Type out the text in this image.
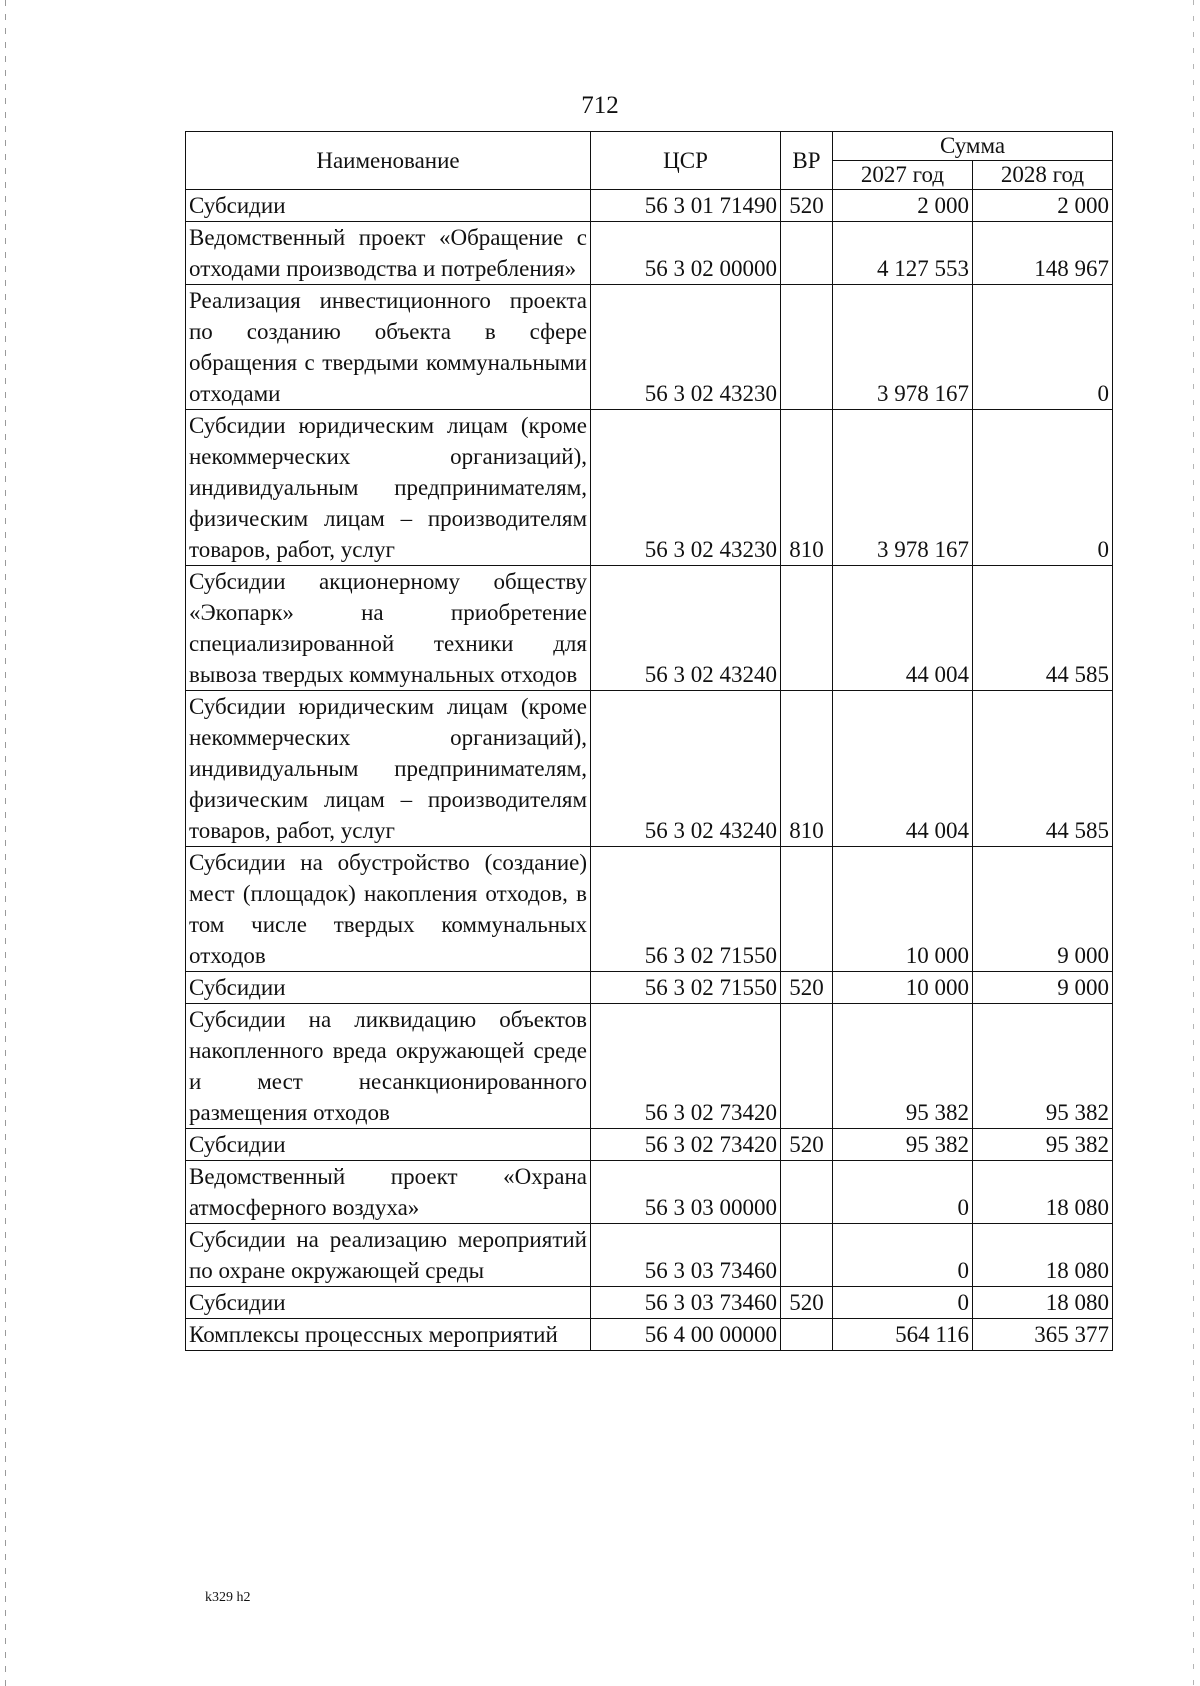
712
Наименование	ЦСР	ВР	Сумма	
			2027 год	2028 год
Субсидии	56 3 01 71490	520	2 000	2 000
Ведомственный проект «Обращение с отходами производства и потребления»	56 3 02 00000		4 127 553	148 967
Реализация инвестиционного проекта по созданию объекта в сфере обращения с твердыми коммунальными отходами	56 3 02 43230		3 978 167	0
Субсидии юридическим лицам (кроме некоммерческих организаций), индивидуальным предпринимателям, физическим лицам – производителям товаров, работ, услуг	56 3 02 43230	810	3 978 167	0
Субсидии акционерному обществу «Экопарк» на приобретение специализированной техники для вывоза твердых коммунальных отходов	56 3 02 43240		44 004	44 585
Субсидии юридическим лицам (кроме некоммерческих организаций), индивидуальным предпринимателям, физическим лицам – производителям товаров, работ, услуг	56 3 02 43240	810	44 004	44 585
Субсидии на обустройство (создание) мест (площадок) накопления отходов, в том числе твердых коммунальных отходов	56 3 02 71550		10 000	9 000
Субсидии	56 3 02 71550	520	10 000	9 000
Субсидии на ликвидацию объектов накопленного вреда окружающей среде и мест несанкционированного размещения отходов	56 3 02 73420		95 382	95 382
Субсидии	56 3 02 73420	520	95 382	95 382
Ведомственный проект «Охрана атмосферного воздуха»	56 3 03 00000		0	18 080
Субсидии на реализацию мероприятий по охране окружающей среды	56 3 03 73460		0	18 080
Субсидии	56 3 03 73460	520	0	18 080
Комплексы процессных мероприятий	56 4 00 00000		564 116	365 377
k329 h2
